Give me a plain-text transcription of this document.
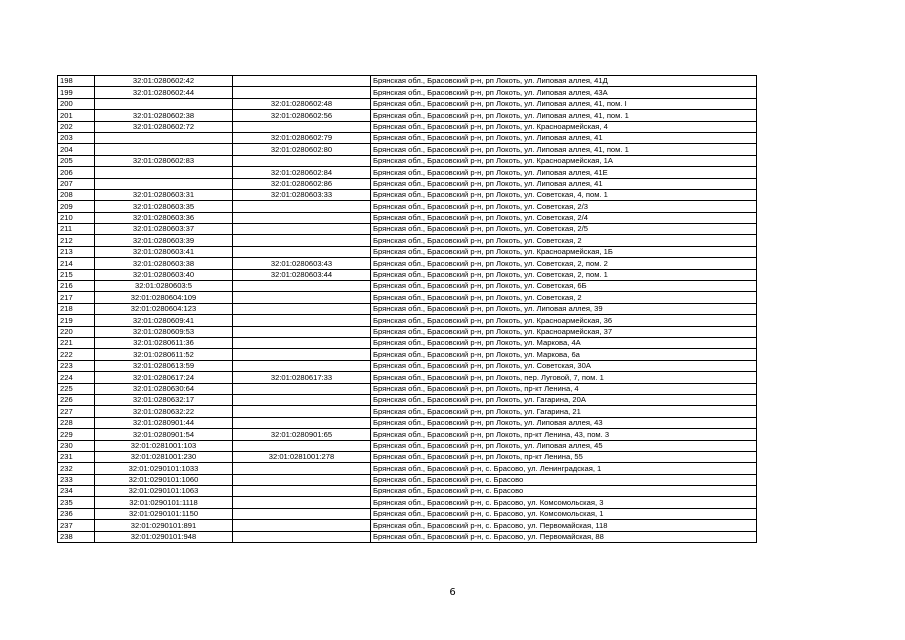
198	32:01:0280602:42		Брянская обл., Брасовский р-н, рп Локоть, ул. Липовая аллея, 41Д
199	32:01:0280602:44		Брянская обл., Брасовский р-н, рп Локоть, ул. Липовая аллея, 43А
200		32:01:0280602:48	Брянская обл., Брасовский р-н, рп Локоть, ул. Липовая аллея, 41, пом. I
201	32:01:0280602:38	32:01:0280602:56	Брянская обл., Брасовский р-н, рп Локоть, ул. Липовая аллея, 41, пом. 1
202	32:01:0280602:72		Брянская обл., Брасовский р-н, рп Локоть, ул. Красноармейская, 4
203		32:01:0280602:79	Брянская обл., Брасовский р-н, рп Локоть, ул. Липовая аллея, 41
204		32:01:0280602:80	Брянская обл., Брасовский р-н, рп Локоть, ул. Липовая аллея, 41, пом. 1
205	32:01:0280602:83		Брянская обл., Брасовский р-н, рп Локоть, ул. Красноармейская, 1А
206		32:01:0280602:84	Брянская обл., Брасовский р-н, рп Локоть, ул. Липовая аллея, 41Е
207		32:01:0280602:86	Брянская обл., Брасовский р-н, рп Локоть, ул. Липовая аллея, 41
208	32:01:0280603:31	32:01:0280603:33	Брянская обл., Брасовский р-н, рп Локоть, ул. Советская, 4, пом. 1
209	32:01:0280603:35		Брянская обл., Брасовский р-н, рп Локоть, ул. Советская, 2/3
210	32:01:0280603:36		Брянская обл., Брасовский р-н, рп Локоть, ул. Советская, 2/4
211	32:01:0280603:37		Брянская обл., Брасовский р-н, рп Локоть, ул. Советская, 2/5
212	32:01:0280603:39		Брянская обл., Брасовский р-н, рп Локоть, ул. Советская, 2
213	32:01:0280603:41		Брянская обл., Брасовский р-н, рп Локоть, ул. Красноармейская, 1Б
214	32:01:0280603:38	32:01:0280603:43	Брянская обл., Брасовский р-н, рп Локоть, ул. Советская, 2, пом. 2
215	32:01:0280603:40	32:01:0280603:44	Брянская обл., Брасовский р-н, рп Локоть, ул. Советская, 2, пом. 1
216	32:01:0280603:5		Брянская обл., Брасовский р-н, рп Локоть, ул. Советская, 6Б
217	32:01:0280604:109		Брянская обл., Брасовский р-н, рп Локоть, ул. Советская, 2
218	32:01:0280604:123		Брянская обл., Брасовский р-н, рп Локоть, ул. Липовая аллея, 39
219	32:01:0280609:41		Брянская обл., Брасовский р-н, рп Локоть, ул. Красноармейская, 36
220	32:01:0280609:53		Брянская обл., Брасовский р-н, рп Локоть, ул. Красноармейская, 37
221	32:01:0280611:36		Брянская обл., Брасовский р-н, рп Локоть, ул. Маркова, 4А
222	32:01:0280611:52		Брянская обл., Брасовский р-н, рп Локоть, ул. Маркова, 6а
223	32:01:0280613:59		Брянская обл., Брасовский р-н, рп Локоть, ул. Советская, 30А
224	32:01:0280617:24	32:01:0280617:33	Брянская обл., Брасовский р-н, рп Локоть, пер. Луговой, 7, пом. 1
225	32:01:0280630:64		Брянская обл., Брасовский р-н, рп Локоть, пр-кт Ленина, 4
226	32:01:0280632:17		Брянская обл., Брасовский р-н, рп Локоть, ул. Гагарина, 20А
227	32:01:0280632:22		Брянская обл., Брасовский р-н, рп Локоть, ул. Гагарина, 21
228	32:01:0280901:44		Брянская обл., Брасовский р-н, рп Локоть, ул. Липовая аллея, 43
229	32:01:0280901:54	32:01:0280901:65	Брянская обл., Брасовский р-н, рп Локоть, пр-кт Ленина, 43, пом. 3
230	32:01:0281001:103		Брянская обл., Брасовский р-н, рп Локоть, ул. Липовая аллея, 45
231	32:01:0281001:230	32:01:0281001:278	Брянская обл., Брасовский р-н, рп Локоть, пр-кт Ленина, 55
232	32:01:0290101:1033		Брянская обл., Брасовский р-н, с. Брасово, ул. Ленинградская, 1
233	32:01:0290101:1060		Брянская обл., Брасовский р-н, с. Брасово
234	32:01:0290101:1063		Брянская обл., Брасовский р-н, с. Брасово
235	32:01:0290101:1118		Брянская обл., Брасовский р-н, с. Брасово, ул. Комсомольская, 3
236	32:01:0290101:1150		Брянская обл., Брасовский р-н, с. Брасово, ул. Комсомольская, 1
237	32:01:0290101:891		Брянская обл., Брасовский р-н, с. Брасово, ул. Первомайская, 118
238	32:01:0290101:948		Брянская обл., Брасовский р-н, с. Брасово, ул. Первомайская, 88
6
